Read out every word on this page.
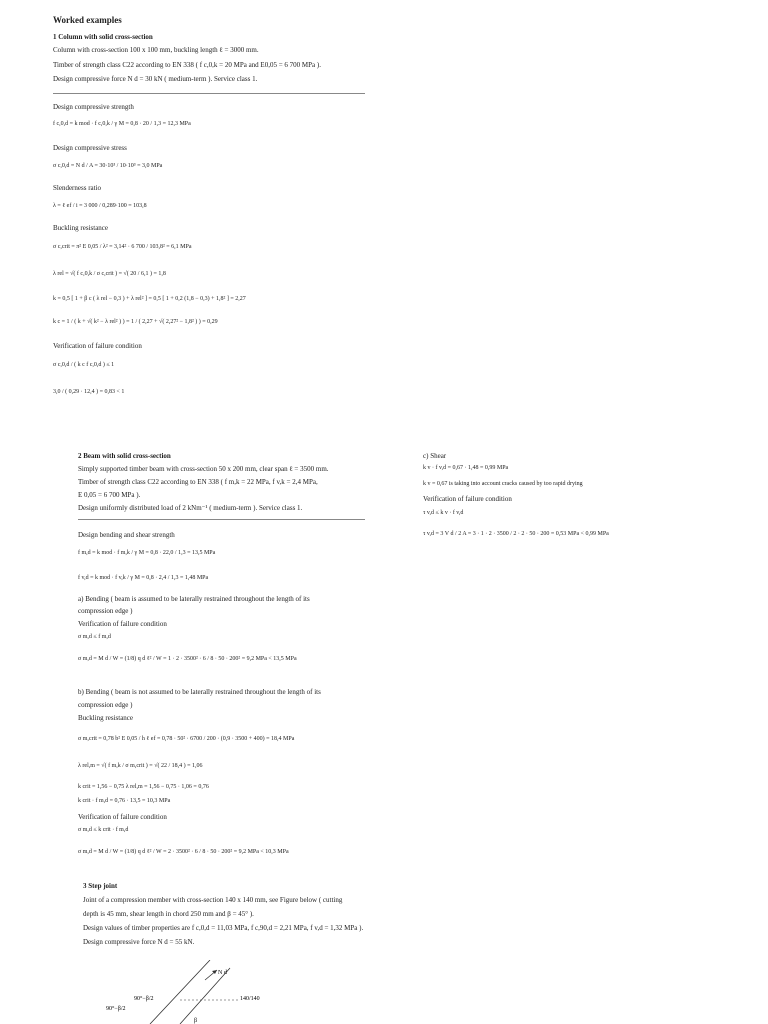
Worked examples
1 Column with solid cross-section
Column with cross-section 100 x 100 mm, buckling length ℓ = 3000 mm.
Timber of strength class C22 according to EN 338 ( f c,0,k = 20 MPa and E0,05 = 6 700 MPa ).
Design compressive force N d = 30 kN ( medium-term ). Service class 1.
Design compressive strength
f c,0,d = k mod · f c,0,k / γ M = 0,8 · 20 / 1,3 = 12,3 MPa
Design compressive stress
σ c,0,d = N d / A = 30·10³ / 10·10³ = 3,0 MPa
Slenderness ratio
λ = ℓ ef / i = 3 000 / 0,289·100 = 103,8
Buckling resistance
σ c,crit = π² E 0,05 / λ² = 3,14² · 6 700 / 103,8² = 6,1 MPa
λ rel = √( f c,0,k / σ c,crit ) = √( 20 / 6,1 ) = 1,8
k = 0,5 [ 1 + β c ( λ rel − 0,3 ) + λ rel² ] = 0,5 [ 1 + 0,2 (1,8 − 0,3) + 1,8² ] = 2,27
k c = 1 / ( k + √( k² − λ rel² ) ) = 1 / ( 2,27 + √( 2,27² − 1,8² ) ) = 0,29
Verification of failure condition
σ c,0,d / ( k c f c,0,d ) ≤ 1
3,0 / ( 0,29 · 12,4 ) = 0,83 < 1
2 Beam with solid cross-section
Simply supported timber beam with cross-section 50 x 200 mm, clear span ℓ = 3500 mm.
Timber of strength class C22 according to EN 338 ( f m,k = 22 MPa, f v,k = 2,4 MPa,
E 0,05 = 6 700 MPa ).
Design uniformly distributed load of 2 kNm⁻¹ ( medium-term ). Service class 1.
Design bending and shear strength
f m,d = k mod · f m,k / γ M = 0,8 · 22,0 / 1,3 = 13,5 MPa
f v,d = k mod · f v,k / γ M = 0,8 · 2,4 / 1,3 = 1,48 MPa
a) Bending ( beam is assumed to be laterally restrained throughout the length of its
compression edge )
Verification of failure condition
σ m,d ≤ f m,d
σ m,d = M d / W = (1/8) q d ℓ² / W = 1 · 2 · 3500² · 6 / 8 · 50 · 200² = 9,2 MPa < 13,5 MPa
b) Bending ( beam is not assumed to be laterally restrained throughout the length of its
compression edge )
Buckling resistance
σ m,crit = 0,78 b² E 0,05 / h ℓ ef = 0,78 · 50² · 6700 / 200 · (0,9 · 3500 + 400) = 18,4 MPa
λ rel,m = √( f m,k / σ m,crit ) = √( 22 / 18,4 ) = 1,06
k crit = 1,56 − 0,75 λ rel,m = 1,56 − 0,75 · 1,06 = 0,76
k crit · f m,d = 0,76 · 13,5 = 10,3 MPa
Verification of failure condition
σ m,d ≤ k crit · f m,d
σ m,d = M d / W = (1/8) q d ℓ² / W = 2 · 3500² · 6 / 8 · 50 · 200² = 9,2 MPa < 10,3 MPa
c) Shear
k v · f v,d = 0,67 · 1,48 = 0,99 MPa
k v = 0,67 is taking into account cracks caused by too rapid drying
Verification of failure condition
τ v,d ≤ k v · f v,d
τ v,d = 3 V d / 2 A = 3 · 1 · 2 · 3500 / 2 · 2 · 50 · 200 = 0,53 MPa < 0,99 MPa
3 Step joint
Joint of a compression member with cross-section 140 x 140 mm, see Figure below ( cutting
depth is 45 mm, shear length in chord 250 mm and β = 45° ).
Design values of timber properties are f c,0,d = 11,03 MPa, f c,90,d = 2,21 MPa, f v,d = 1,32 MPa ).
Design compressive force N d = 55 kN.
N d
90°−β/2
90°−β/2
140/140
β
